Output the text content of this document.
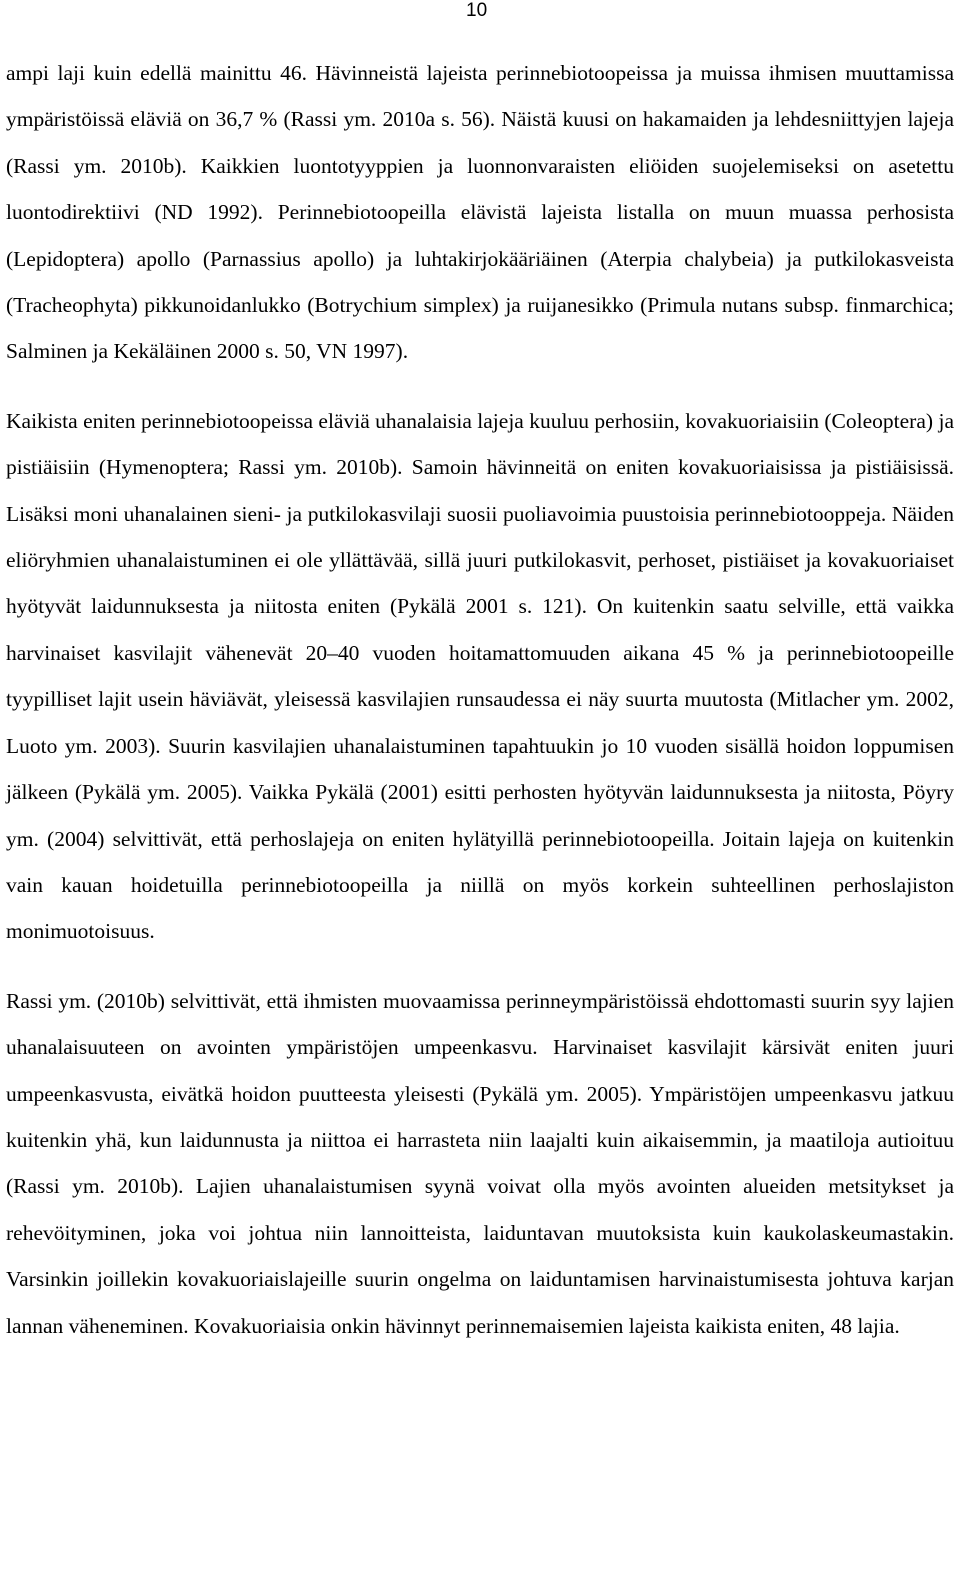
10

ampi laji kuin edellä mainittu 46. Hävinneistä lajeista perinnebiotoopeissa ja muissa ihmisen muuttamissa ympäristöissä eläviä on 36,7 % (Rassi ym. 2010a s. 56). Näistä kuusi on hakamaiden ja lehdesniittyjen lajeja (Rassi ym. 2010b). Kaikkien luontotyyppien ja luonnonvaraisten eliöiden suojelemiseksi on asetettu luontodirektiivi (ND 1992). Perinnebiotoopeilla elävistä lajeista listalla on muun muassa perhosista (Lepidoptera) apollo (Parnassius apollo) ja luhtakirjokääriäinen (Aterpia chalybeia) ja putkilokasveista (Tracheophyta) pikkunoidanlukko (Botrychium simplex) ja ruijanesikko (Primula nutans subsp. finmarchica; Salminen ja Kekäläinen 2000 s. 50, VN 1997).

Kaikista eniten perinnebiotoopeissa eläviä uhanalaisia lajeja kuuluu perhosiin, kovakuoriaisiin (Coleoptera) ja pistiäisiin (Hymenoptera; Rassi ym. 2010b). Samoin hävinneitä on eniten kovakuoriaisissa ja pistiäisissä. Lisäksi moni uhanalainen sieni- ja putkilokasvilaji suosii puoliavoimia puustoisia perinnebiotooppeja. Näiden eliöryhmien uhanalaistuminen ei ole yllättävää, sillä juuri putkilokasvit, perhoset, pistiäiset ja kovakuoriaiset hyötyvät laidunnuksesta ja niitosta eniten (Pykälä 2001 s. 121). On kuitenkin saatu selville, että vaikka harvinaiset kasvilajit vähenevät 20–40 vuoden hoitamattomuuden aikana 45 % ja perinnebiotoopeille tyypilliset lajit usein häviävät, yleisessä kasvilajien runsaudessa ei näy suurta muutosta (Mitlacher ym. 2002, Luoto ym. 2003). Suurin kasvilajien uhanalaistuminen tapahtuukin jo 10 vuoden sisällä hoidon loppumisen jälkeen (Pykälä ym. 2005). Vaikka Pykälä (2001) esitti perhosten hyötyvän laidunnuksesta ja niitosta, Pöyry ym. (2004) selvittivät, että perhoslajeja on eniten hylätyillä perinnebiotoopeilla. Joitain lajeja on kuitenkin vain kauan hoidetuilla perinnebiotoopeilla ja niillä on myös korkein suhteellinen perhoslajiston monimuotoisuus.

Rassi ym. (2010b) selvittivät, että ihmisten muovaamissa perinneympäristöissä ehdottomasti suurin syy lajien uhanalaisuuteen on avointen ympäristöjen umpeenkasvu. Harvinaiset kasvilajit kärsivät eniten juuri umpeenkasvusta, eivätkä hoidon puutteesta yleisesti (Pykälä ym. 2005). Ympäristöjen umpeenkasvu jatkuu kuitenkin yhä, kun laidunnusta ja niittoa ei harrasteta niin laajalti kuin aikaisemmin, ja maatiloja autioituu (Rassi ym. 2010b). Lajien uhanalaistumisen syynä voivat olla myös avointen alueiden metsitykset ja rehevöityminen, joka voi johtua niin lannoitteista, laiduntavan muutoksista kuin kaukolaskeumastakin. Varsinkin joillekin kovakuoriaislajeille suurin ongelma on laiduntamisen harvinaistumisesta johtuva karjan lannan väheneminen. Kovakuoriaisia onkin hävinnyt perinnemaisemien lajeista kaikista eniten, 48 lajia.
